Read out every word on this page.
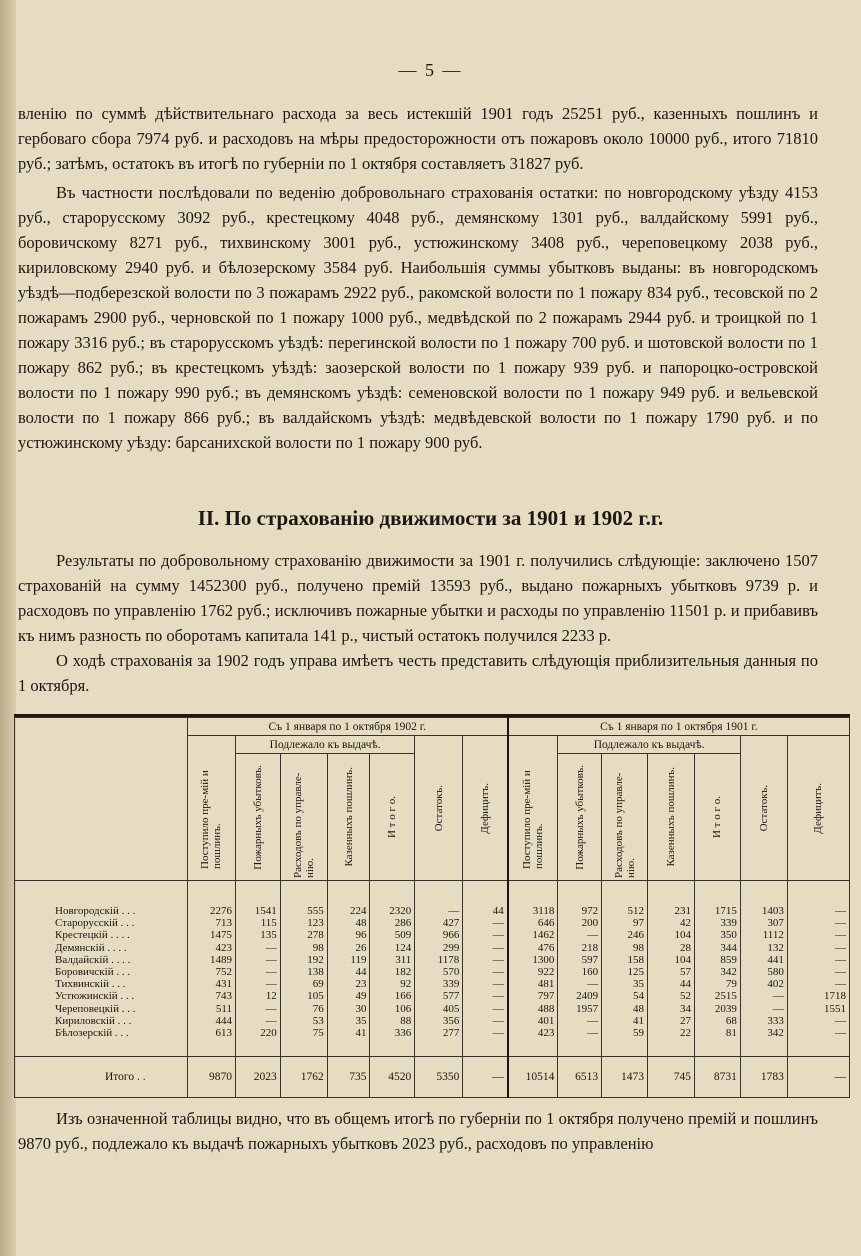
— 5 —

вленію по суммѣ дѣйствительнаго расхода за весь истекшій 1901 годъ 25251 руб., казенныхъ пошлинъ и гербоваго сбора 7974 руб. и расходовъ на мѣры предосторожности отъ пожаровъ около 10000 руб., итого 71810 руб.; затѣмъ, остатокъ въ итогѣ по губерніи по 1 октября составляетъ 31827 руб.

Въ частности послѣдовали по веденію добровольнаго страхованія остатки: по новгородскому уѣзду 4153 руб., старорусскому 3092 руб., крестецкому 4048 руб., демянскому 1301 руб., валдайскому 5991 руб., боровичскому 8271 руб., тихвинскому 3001 руб., устюжинскому 3408 руб., череповецкому 2038 руб., кириловскому 2940 руб. и бѣлозерскому 3584 руб. Наибольшія суммы убытковъ выданы: въ новгородскомъ уѣздѣ—подберезской волости по 3 пожарамъ 2922 руб., ракомской волости по 1 пожару 834 руб., тесовской по 2 пожарамъ 2900 руб., черновской по 1 пожару 1000 руб., медвѣдской по 2 пожарамъ 2944 руб. и троицкой по 1 пожару 3316 руб.; въ старорусскомъ уѣздѣ: перегинской волости по 1 пожару 700 руб. и шотовской волости по 1 пожару 862 руб.; въ крестецкомъ уѣздѣ: заозерской волости по 1 пожару 939 руб. и папороцко-островской волости по 1 пожару 990 руб.; въ демянскомъ уѣздѣ: семеновской волости по 1 пожару 949 руб. и вельевской волости по 1 пожару 866 руб.; въ валдайскомъ уѣздѣ: медвѣдевской волости по 1 пожару 1790 руб. и по устюжинскому уѣзду: барсанихской волости по 1 пожару 900 руб.

II. По страхованію движимости за 1901 и 1902 г.г.

Результаты по добровольному страхованію движимости за 1901 г. получились слѣдующіе: заключено 1507 страхованій на сумму 1452300 руб., получено премій 13593 руб., выдано пожарныхъ убытковъ 9739 р. и расходовъ по управленію 1762 руб.; исключивъ пожарные убытки и расходы по управленію 11501 р. и прибавивъ къ нимъ разность по оборотамъ капитала 141 р., чистый остатокъ получился 2233 р.

О ходѣ страхованія за 1902 годъ управа имѣетъ честь представить слѣдующія приблизительныя данныя по 1 октября.

	Съ 1 января по 1 октября 1902 г.							Съ 1 января по 1 октября 1901 г.						

	Поступило пре-мій и пошлинъ.	Подлежало къ выдачѣ.				Остатокъ.	Дефицитъ.	Поступило пре-мій и пошлинъ.	Подлежало къ выдачѣ.				Остатокъ.	Дефицитъ.

		Пожарныхъ убытковъ.	Расходовъ по управле-нію.	Казенныхъ пошлинъ.	И т о г о.				Пожарныхъ убытковъ.	Расходовъ по управле-нію.	Казенныхъ пошлинъ.	И т о г о.		

Новгородскій . . .	2276	1541	555	224	2320	—	44	3118	972	512	231	1715	1403	—
Старорусскій . . .	713	115	123	48	286	427	—	646	200	97	42	339	307	—
Крестецкій . . . .	1475	135	278	96	509	966	—	1462	—	246	104	350	1112	—
Демянскій . . . .	423	—	98	26	124	299	—	476	218	98	28	344	132	—
Валдайскій . . . .	1489	—	192	119	311	1178	—	1300	597	158	104	859	441	—
Боровичскій . . .	752	—	138	44	182	570	—	922	160	125	57	342	580	—
Тихвинскій . . .	431	—	69	23	92	339	—	481	—	35	44	79	402	—
Устюжинскій . . .	743	12	105	49	166	577	—	797	2409	54	52	2515	—	1718
Череповецкій . . .	511	—	76	30	106	405	—	488	1957	48	34	2039	—	1551
Кириловскій . . .	444	—	53	35	88	356	—	401	—	41	27	68	333	—
Бѣлозерскій . . .	613	220	75	41	336	277	—	423	—	59	22	81	342	—

Итого . .	9870	2023	1762	735	4520	5350	—	10514	6513	1473	745	8731	1783	—

Изъ означенной таблицы видно, что въ общемъ итогѣ по губерніи по 1 октября получено премій и пошлинъ 9870 руб., подлежало къ выдачѣ пожарныхъ убытковъ 2023 руб., расходовъ по управленію
